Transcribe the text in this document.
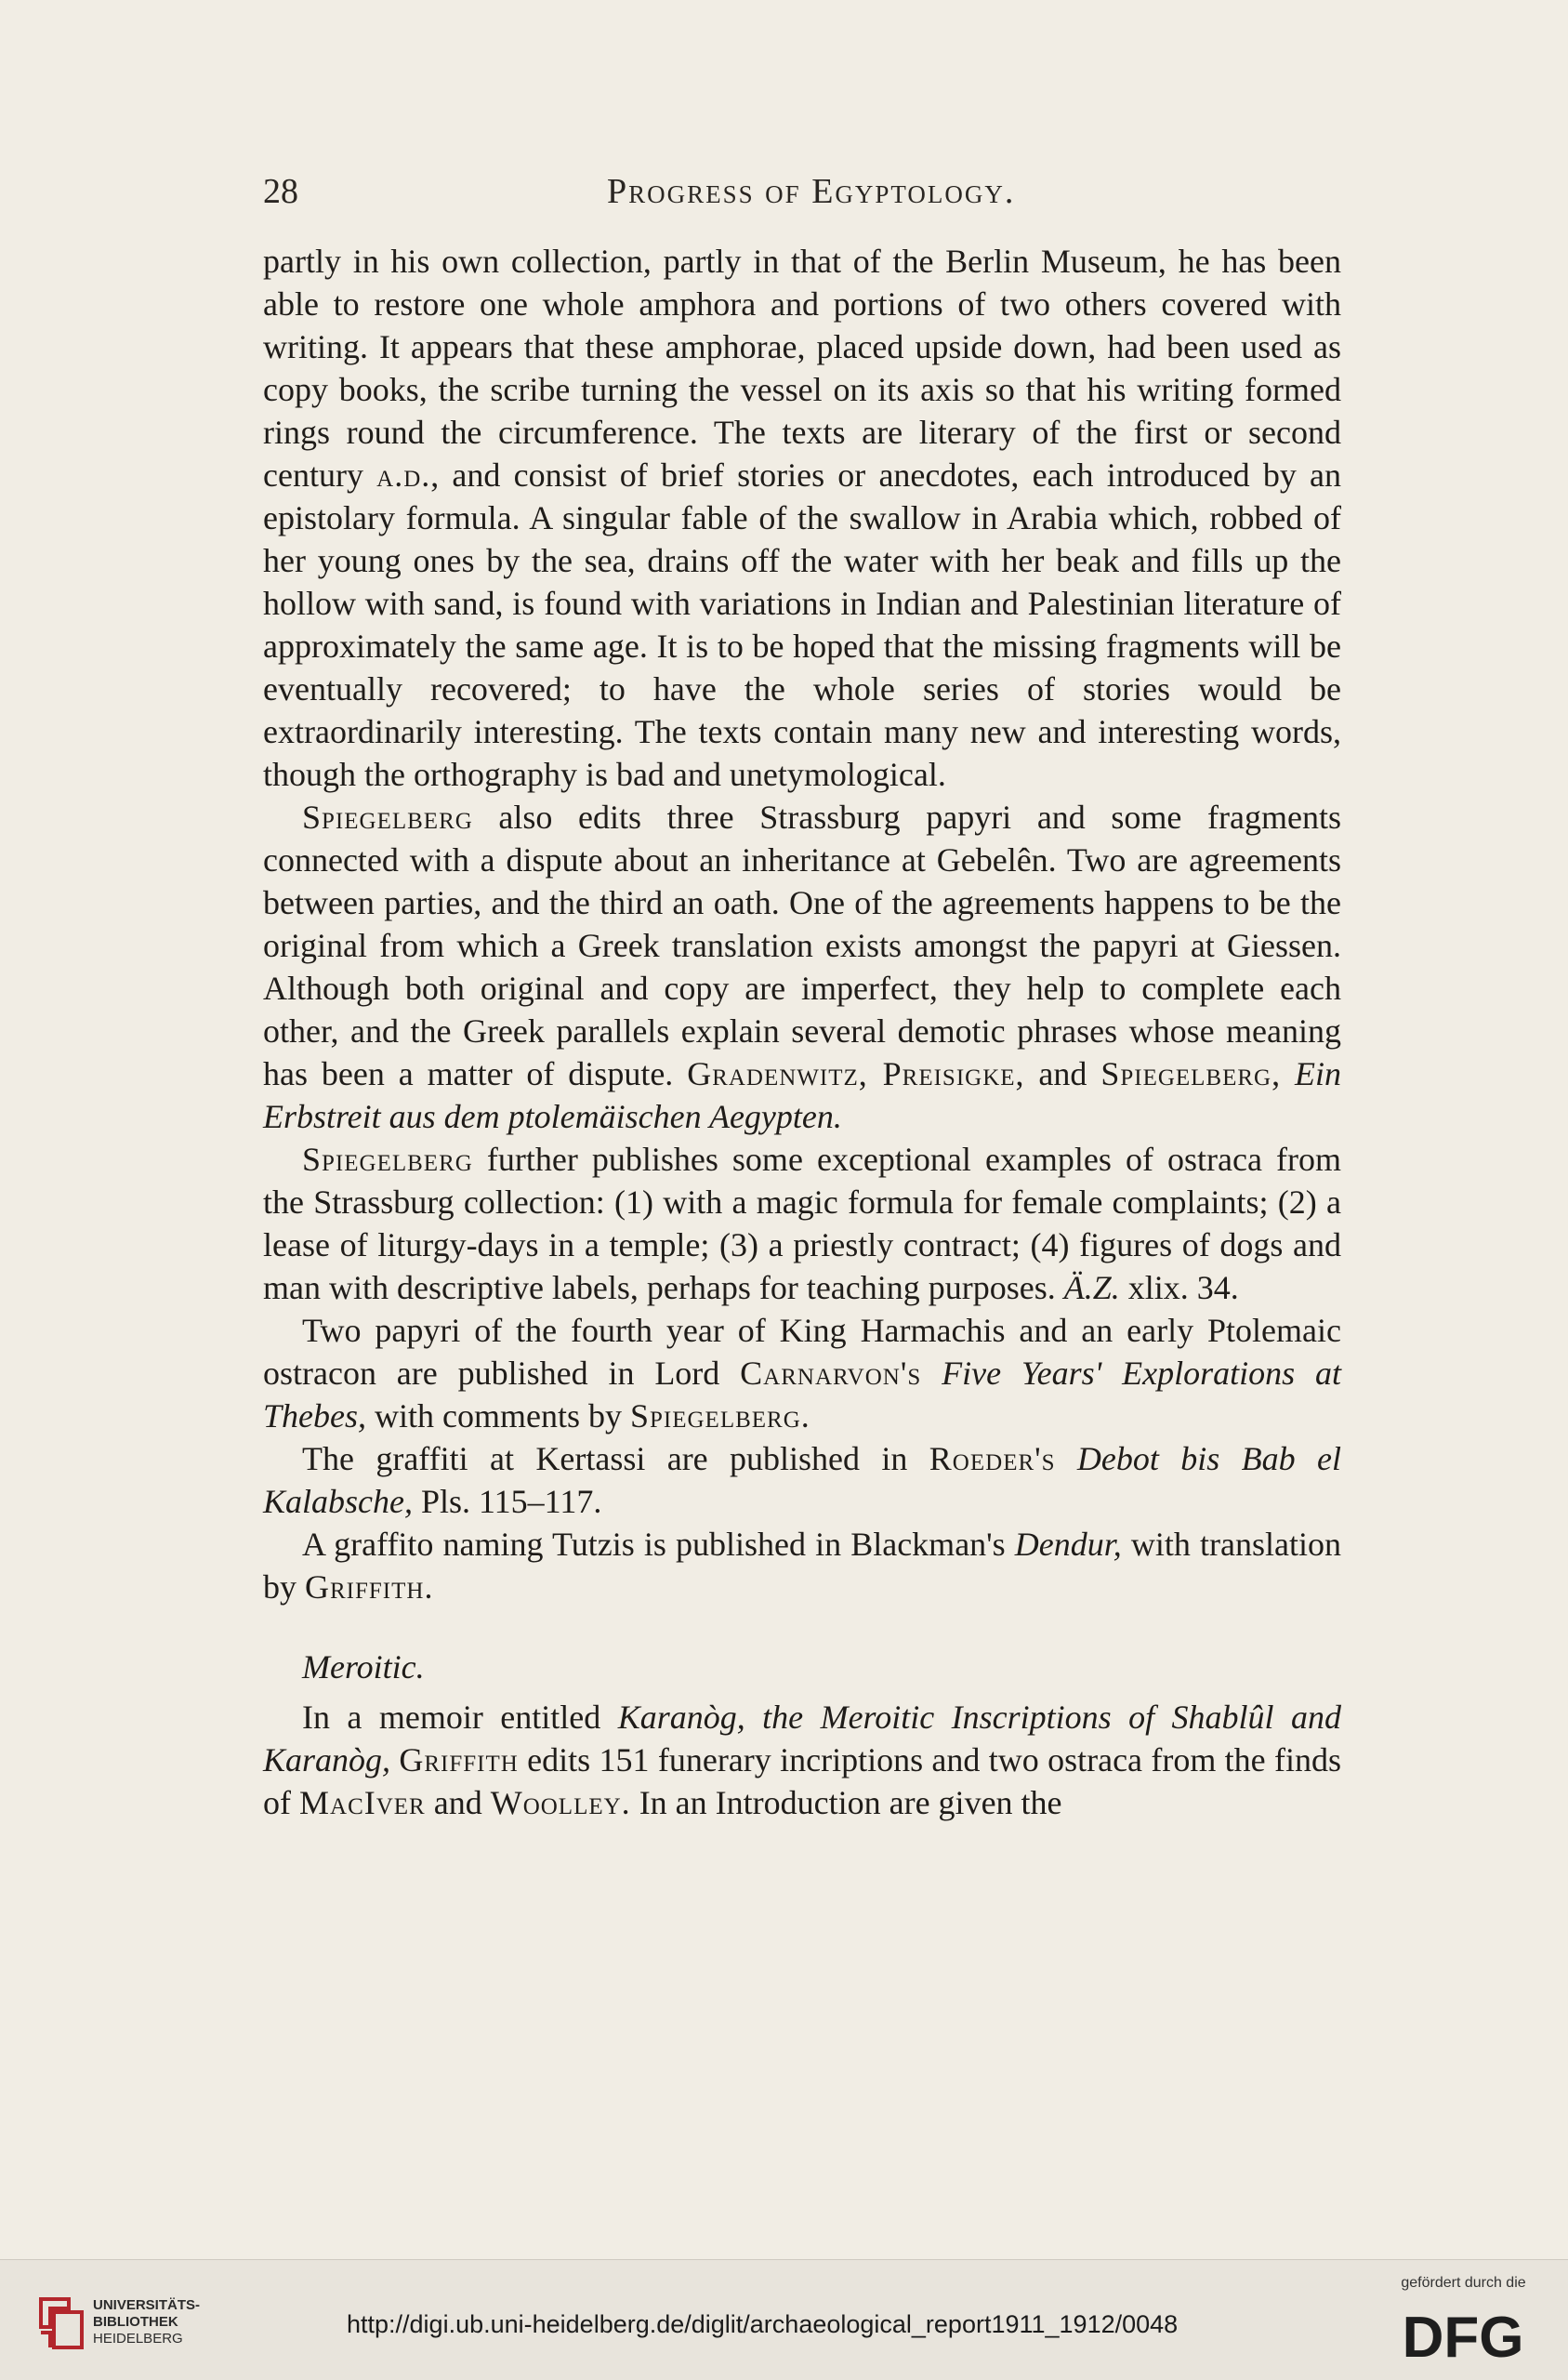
28	Progress of Egyptology.

partly in his own collection, partly in that of the Berlin Museum, he has been able to restore one whole amphora and portions of two others covered with writing. It appears that these amphorae, placed upside down, had been used as copy books, the scribe turning the vessel on its axis so that his writing formed rings round the circumference. The texts are literary of the first or second century a.d., and consist of brief stories or anecdotes, each introduced by an epistolary formula. A singular fable of the swallow in Arabia which, robbed of her young ones by the sea, drains off the water with her beak and fills up the hollow with sand, is found with variations in Indian and Palestinian literature of approximately the same age. It is to be hoped that the missing fragments will be eventually recovered; to have the whole series of stories would be extraordinarily interesting. The texts contain many new and interesting words, though the orthography is bad and unetymological.

Spiegelberg also edits three Strassburg papyri and some fragments connected with a dispute about an inheritance at Gebelên. Two are agreements between parties, and the third an oath. One of the agreements happens to be the original from which a Greek translation exists amongst the papyri at Giessen. Although both original and copy are imperfect, they help to complete each other, and the Greek parallels explain several demotic phrases whose meaning has been a matter of dispute. Gradenwitz, Preisigke, and Spiegelberg, Ein Erbstreit aus dem ptolemäischen Aegypten.

Spiegelberg further publishes some exceptional examples of ostraca from the Strassburg collection: (1) with a magic formula for female complaints; (2) a lease of liturgy-days in a temple; (3) a priestly contract; (4) figures of dogs and man with descriptive labels, perhaps for teaching purposes. Ä.Z. xlix. 34.

Two papyri of the fourth year of King Harmachis and an early Ptolemaic ostracon are published in Lord Carnarvon's Five Years' Explorations at Thebes, with comments by Spiegelberg.

The graffiti at Kertassi are published in Roeder's Debot bis Bab el Kalabsche, Pls. 115–117.

A graffito naming Tutzis is published in Blackman's Dendur, with translation by Griffith.

Meroitic.

In a memoir entitled Karanòg, the Meroitic Inscriptions of Shablûl and Karanòg, Griffith edits 151 funerary incriptions and two ostraca from the finds of MacIver and Woolley. In an Introduction are given the

UNIVERSITÄTS-
BIBLIOTHEK
HEIDELBERG
http://digi.ub.uni-heidelberg.de/diglit/archaeological_report1911_1912/0048
gefördert durch die
DFG
